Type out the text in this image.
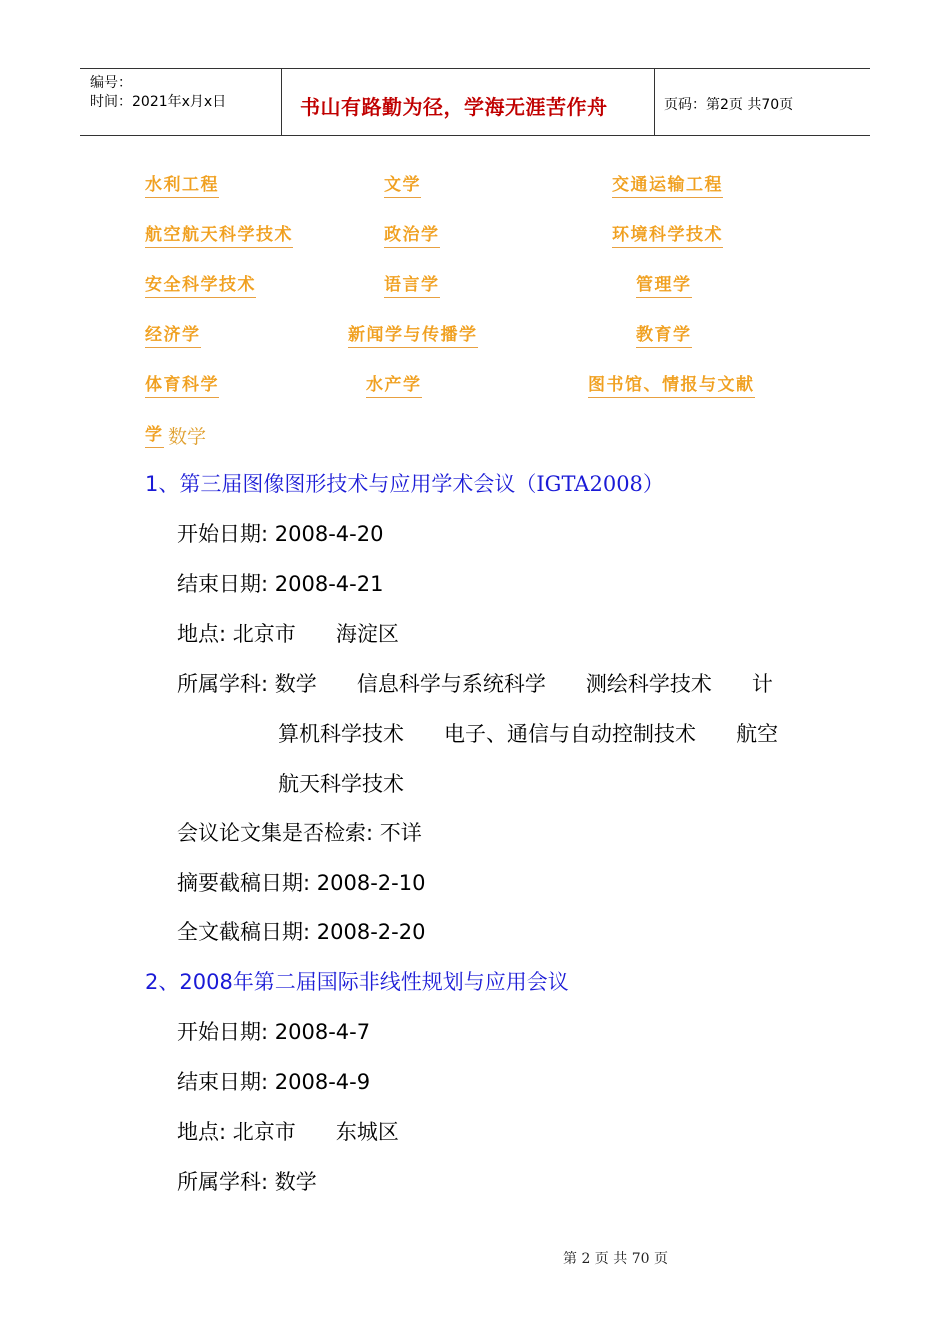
编号：
时间：2021年x月x日	书山有路勤为径，学海无涯苦作舟	页码：第2页 共70页
水利工程	文学	交通运输工程
航空航天科学技术	政治学	环境科学技术
安全科学技术	语言学	管理学
经济学	新闻学与传播学	教育学
体育科学	水产学	图书馆、情报与文献
学 数学
1、第三届图像图形技术与应用学术会议（IGTA2008）
开始日期: 2008-4-20
结束日期: 2008-4-21
地点: 北京市      海淀区
所属学科: 数学      信息科学与系统科学      测绘科学技术      计
算机科学技术      电子、通信与自动控制技术      航空
航天科学技术
会议论文集是否检索: 不详
摘要截稿日期: 2008-2-10
全文截稿日期: 2008-2-20
2、2008年第二届国际非线性规划与应用会议
开始日期: 2008-4-7
结束日期: 2008-4-9
地点: 北京市      东城区
所属学科: 数学
第 2 页 共 70 页
